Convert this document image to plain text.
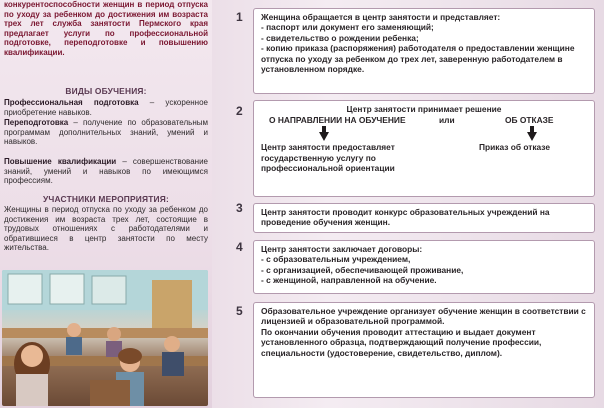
конкурентоспособности женщин в период отпуска по уходу за ребенком до достижения им возраста трех лет служба занятости Пермского края предлагает услуги по профессиональной подготовке, переподготовке и повышению квалификации.

ВИДЫ ОБУЧЕНИЯ:

Профессиональная подготовка – ускоренное приобретение навыков.

Переподготовка – получение по образовательным программам дополнительных знаний, умений и навыков.

Повышение квалификации – совершенствование знаний, умений и навыков по имеющимся профессиям.

УЧАСТНИКИ МЕРОПРИЯТИЯ:

Женщины в период отпуска по уходу за ребенком до достижения им возраста трех лет, состоящие в трудовых отношениях с работодателями и обратившиеся в центр занятости по месту жительства.

1 Женщина обращается в центр занятости и представляет:

- паспорт или документ его заменяющий;

- свидетельство о рождении ребенка;

- копию приказа (распоряжения) работодателя о предоставлении женщине отпуска по уходу за ребенком до трех лет, заверенную работодателем в установленном порядке.

2	Центр занятости принимает решение

О НАПРАВЛЕНИИ НА ОБУЧЕНИЕ	или	ОБ ОТКАЗЕ

Центр занятости предоставляет государственную услугу по профессиональной ориентации

Приказ об отказе

3 Центр занятости проводит конкурс образовательных учреждений на проведение обучения женщин.

4 Центр занятости заключает договоры:

- с образовательным учреждением,

- с организацией, обеспечивающей проживание,

- с женщиной, направленной на обучение.

5 Образовательное учреждение организует обучение женщин в соответствии с лицензией и образовательной программой.

По окончании обучения проводит аттестацию и выдает документ установленного образца, подтверждающий получение профессии, специальности (удостоверение, свидетельство, диплом).
